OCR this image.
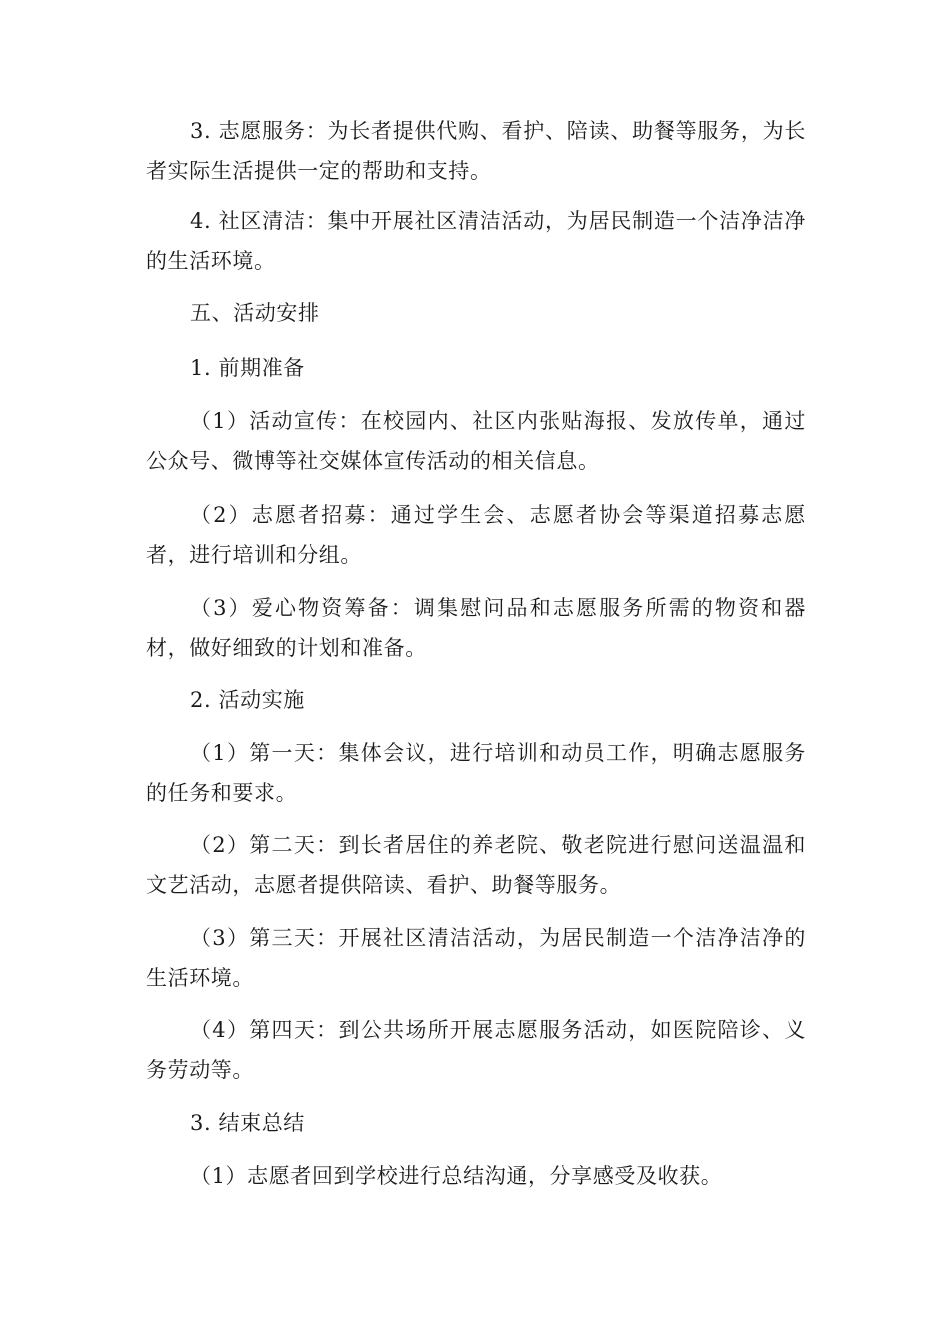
3. 志愿服务：为长者提供代购、看护、陪读、助餐等服务，为长者实际生活提供一定的帮助和支持。

4. 社区清洁：集中开展社区清洁活动，为居民制造一个洁净洁净的生活环境。

五、活动安排

1. 前期准备

（1）活动宣传：在校园内、社区内张贴海报、发放传单，通过公众号、微博等社交媒体宣传活动的相关信息。

（2）志愿者招募：通过学生会、志愿者协会等渠道招募志愿者，进行培训和分组。

（3）爱心物资筹备：调集慰问品和志愿服务所需的物资和器材，做好细致的计划和准备。

2. 活动实施

（1）第一天：集体会议，进行培训和动员工作，明确志愿服务的任务和要求。

（2）第二天：到长者居住的养老院、敬老院进行慰问送温温和文艺活动，志愿者提供陪读、看护、助餐等服务。

（3）第三天：开展社区清洁活动，为居民制造一个洁净洁净的生活环境。

（4）第四天：到公共场所开展志愿服务活动，如医院陪诊、义务劳动等。

3. 结束总结

（1）志愿者回到学校进行总结沟通，分享感受及收获。
